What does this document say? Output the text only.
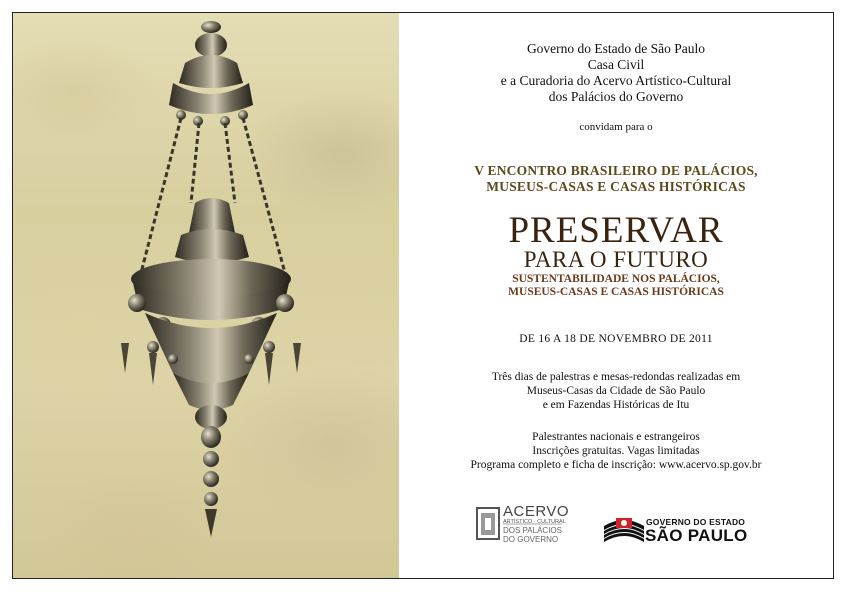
Governo do Estado de São Paulo
Casa Civil
e a Curadoria do Acervo Artístico-Cultural
dos Palácios do Governo
convidam para o
V ENCONTRO BRASILEIRO DE PALÁCIOS,
MUSEUS-CASAS E CASAS HISTÓRICAS
PRESERVAR
PARA O FUTURO
SUSTENTABILIDADE NOS PALÁCIOS,
MUSEUS-CASAS E CASAS HISTÓRICAS
DE 16 A 18 DE NOVEMBRO DE 2011
Três dias de palestras e mesas-redondas realizadas em
Museus-Casas da Cidade de São Paulo
e em Fazendas Históricas de Itu
Palestrantes nacionais e estrangeiros
Inscrições gratuitas. Vagas limitadas
Programa completo e ficha de inscrição: www.acervo.sp.gov.br
ACERVO
ARTÍSTICO · CULTURAL
DOS PALÁCIOS
DO GOVERNO
GOVERNO DO ESTADO
SÃO PAULO
